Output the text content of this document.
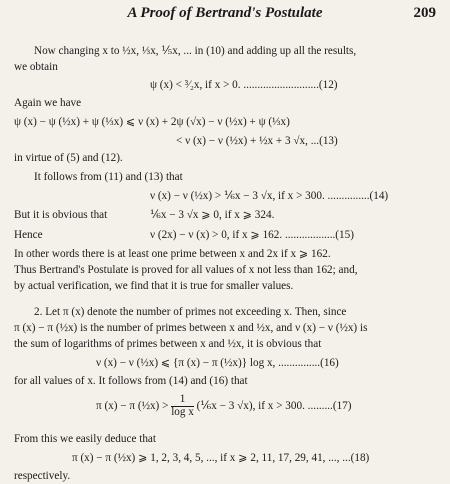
A Proof of Bertrand's Postulate	209
Now changing x to ½x, ⅓x, ⅕x, ... in (10) and adding up all the results,
we obtain
ψ (x) < ³⁄₂x, if x > 0. ...........................(12)
Again we have
ψ (x) − ψ (½x) + ψ (⅓x) ⩽ ν (x) + 2ψ (√x) − ν (½x) + ψ (⅓x)
< ν (x) − ν (½x) + ½x + 3 √x, ...(13)
in virtue of (5) and (12).
It follows from (11) and (13) that
ν (x) − ν (½x) > ⅙x − 3 √x, if x > 300. ...............(14)
But it is obvious that	⅙x − 3 √x ⩾ 0, if x ⩾ 324.
Hence	ν (2x) − ν (x) > 0, if x ⩾ 162. ..................(15)
In other words there is at least one prime between x and 2x if x ⩾ 162.
Thus Bertrand's Postulate is proved for all values of x not less than 162; and,
by actual verification, we find that it is true for smaller values.
2. Let π (x) denote the number of primes not exceeding x. Then, since
π (x) − π (½x) is the number of primes between x and ½x, and ν (x) − ν (½x) is
the sum of logarithms of primes between x and ½x, it is obvious that
ν (x) − ν (½x) ⩽ {π (x) − π (½x)} log x, ...............(16)
for all values of x. It follows from (14) and (16) that
π (x) − π (½x) > $\frac{1}{\text{log x}}$ (⅙x − 3 √x), if x > 300. .........(17)
From this we easily deduce that
π (x) − π (½x) ⩾ 1, 2, 3, 4, 5, ..., if x ⩾ 2, 11, 17, 29, 41, ..., ...(18)
respectively.
